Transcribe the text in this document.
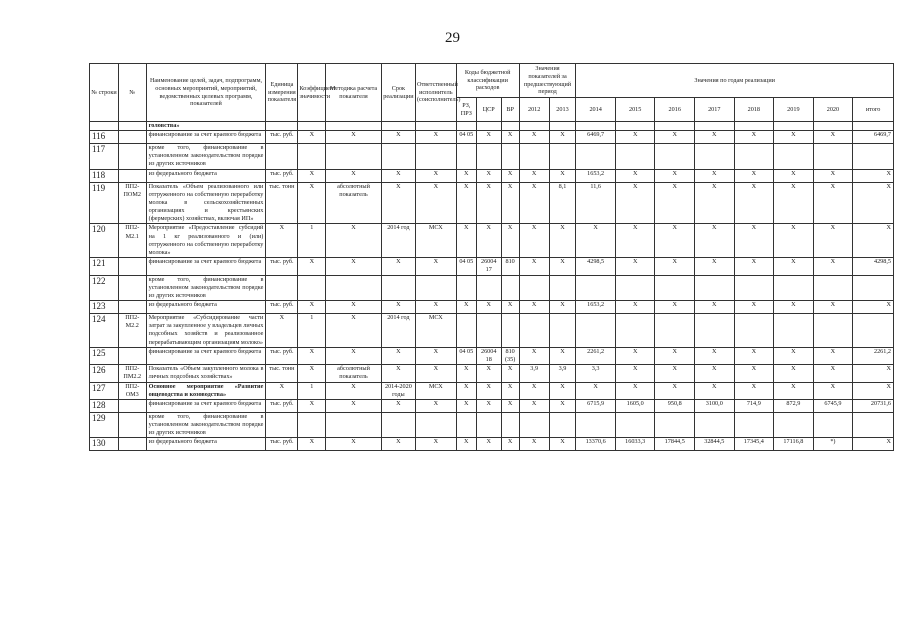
29
№ строки	№	Наименование целей, задач, подпрограмм, основных мероприятий, мероприятий, ведомственных целевых программ, показателей	Единица измерения показателя	Коэффициент значимости	Методика расчета показателя	Срок реализации	Ответственный исполнитель (соисполнитель)	Коды бюджетной классификации расходов			Значения показателей за предшествующий период		Значения по годам реализации							
								РЗ, ПРЗ	ЦСР	ВР	2012	2013	2014	2015	2016	2017	2018	2019	2020	итого
		головства»																		
116		финансирование за счет краевого бюджета	тыс. руб.	X	X	X	X	04 05	X	X	X	X	6469,7	X	X	X	X	X	X	6469,7
117		кроме того, финансирование в установленном законодательством порядке из других источников																		
118		из федерального бюджета	тыс. руб.	X	X	X	X	X	X	X	X	X	1653,2	X	X	X	X	X	X	X
119	ПП2-ПОМ2	Показатель «Объем реализованного или отгруженного на собственную переработку молока в сельскохозяйственных организациях и крестьянских (фермерских) хозяйствах, включая ИП»	тыс. тонн	X	абсолютный показатель	X	X	X	X	X	X	8,1	11,6	X	X	X	X	X	X	X
120	ПП2-М2.1	Мероприятие «Предоставление субсидий на 1 кг реализованного и (или) отгруженного на собственную переработку молока»	X	1	X	2014 год	МСХ	X	X	X	X	X	X	X	X	X	X	X	X	X
121		финансирование за счет краевого бюджета	тыс. руб.	X	X	X	X	04 05	26004 17	810	X	X	4298,5	X	X	X	X	X	X	4298,5
122		кроме того, финансирование в установленном законодательством порядке из других источников																		
123		из федерального бюджета	тыс. руб.	X	X	X	X	X	X	X	X	X	1653,2	X	X	X	X	X	X	X
124	ПП2-М2.2	Мероприятие «Субсидирование части затрат за закупленное у владельцев личных подсобных хозяйств и реализованное перерабатывающим организациям молоко»	X	1	X	2014 год	МСХ													
125		финансирование за счет краевого бюджета	тыс. руб.	X	X	X	X	04 05	26004 18	810 (35)	X	X	2261,2	X	X	X	X	X	X	2261,2
126	ПП2-ПМ2.2	Показатель «Объем закупленного молока в личных подсобных хозяйствах»	тыс. тонн	X	абсолютный показатель	X	X	X	X	X	3,9	3,9	3,3	X	X	X	X	X	X	X
127	ПП2-ОМ3	Основное мероприятие «Развитие овцеводства и козоводства»	X	1	X	2014-2020 годы	МСХ	X	X	X	X	X	X	X	X	X	X	X	X	X
128		финансирование за счет краевого бюджета	тыс. руб.	X	X	X	X	X	X	X	X	X	6715,9	1605,0	950,8	3100,0	714,9	872,9	6745,9	20731,6
129		кроме того, финансирование в установленном законодательством порядке из других источников																		
130		из федерального бюджета	тыс. руб.	X	X	X	X	X	X	X	X	X	13370,6	16033,3	17844,5	32844,5	17345,4	17116,8	*)	X
